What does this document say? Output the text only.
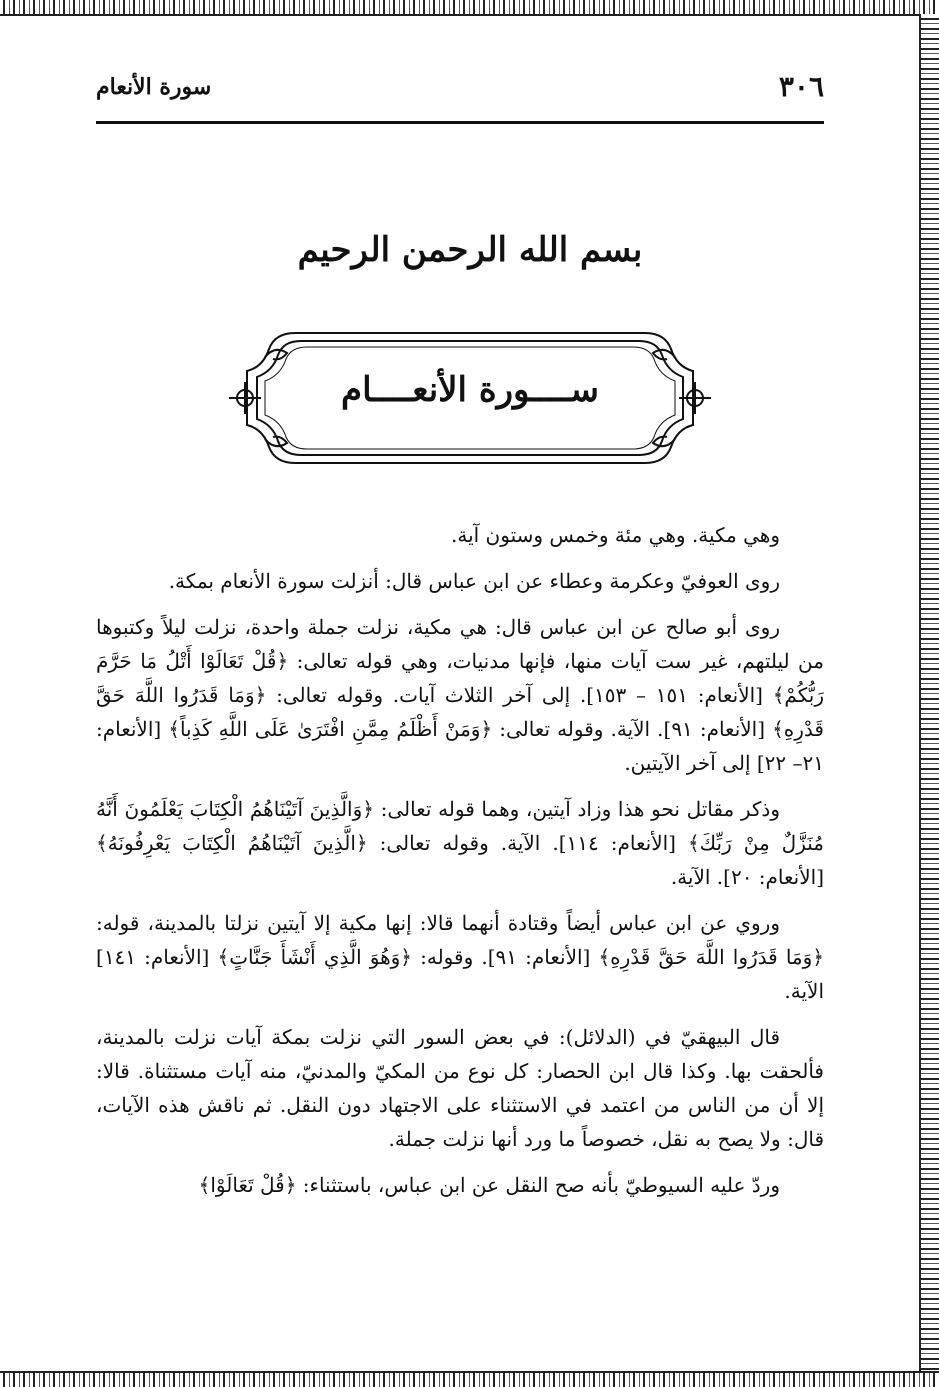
٣٠٦
سورة الأنعام
بسم الله الرحمن الرحيم
ســــورة الأنعــــام

وهي مكية. وهي مئة وخمس وستون آية.

روى العوفيّ وعكرمة وعطاء عن ابن عباس قال: أنزلت سورة الأنعام بمكة.

روى أبو صالح عن ابن عباس قال: هي مكية، نزلت جملة واحدة، نزلت ليلاً وكتبوها من ليلتهم، غير ست آيات منها، فإنها مدنيات، وهي قوله تعالى: ﴿قُلْ تَعَالَوْا أَتْلُ مَا حَرَّمَ رَبُّكُمْ﴾ [الأنعام: ١٥١ – ١٥٣]. إلى آخر الثلاث آيات. وقوله تعالى: ﴿وَمَا قَدَرُوا اللَّهَ حَقَّ قَدْرِهِ﴾ [الأنعام: ٩١]. الآية. وقوله تعالى: ﴿وَمَنْ أَظْلَمُ مِمَّنِ افْتَرَىٰ عَلَى اللَّهِ كَذِباً﴾ [الأنعام: ٢١– ٢٢] إلى آخر الآيتين.

وذكر مقاتل نحو هذا وزاد آيتين، وهما قوله تعالى: ﴿وَالَّذِينَ آتَيْنَاهُمُ الْكِتَابَ يَعْلَمُونَ أَنَّهُ مُنَزَّلٌ مِنْ رَبِّكَ﴾ [الأنعام: ١١٤]. الآية. وقوله تعالى: ﴿الَّذِينَ آتَيْنَاهُمُ الْكِتَابَ يَعْرِفُونَهُ﴾ [الأنعام: ٢٠]. الآية.

وروي عن ابن عباس أيضاً وقتادة أنهما قالا: إنها مكية إلا آيتين نزلتا بالمدينة، قوله: ﴿وَمَا قَدَرُوا اللَّهَ حَقَّ قَدْرِهِ﴾ [الأنعام: ٩١]. وقوله: ﴿وَهُوَ الَّذِي أَنْشَأَ جَنَّاتٍ﴾ [الأنعام: ١٤١] الآية.

قال البيهقيّ في (الدلائل): في بعض السور التي نزلت بمكة آيات نزلت بالمدينة، فألحقت بها. وكذا قال ابن الحصار: كل نوع من المكيّ والمدنيّ، منه آيات مستثناة. قالا: إلا أن من الناس من اعتمد في الاستثناء على الاجتهاد دون النقل. ثم ناقش هذه الآيات، قال: ولا يصح به نقل، خصوصاً ما ورد أنها نزلت جملة.

وردّ عليه السيوطيّ بأنه صح النقل عن ابن عباس، باستثناء: ﴿قُلْ تَعَالَوْا﴾
